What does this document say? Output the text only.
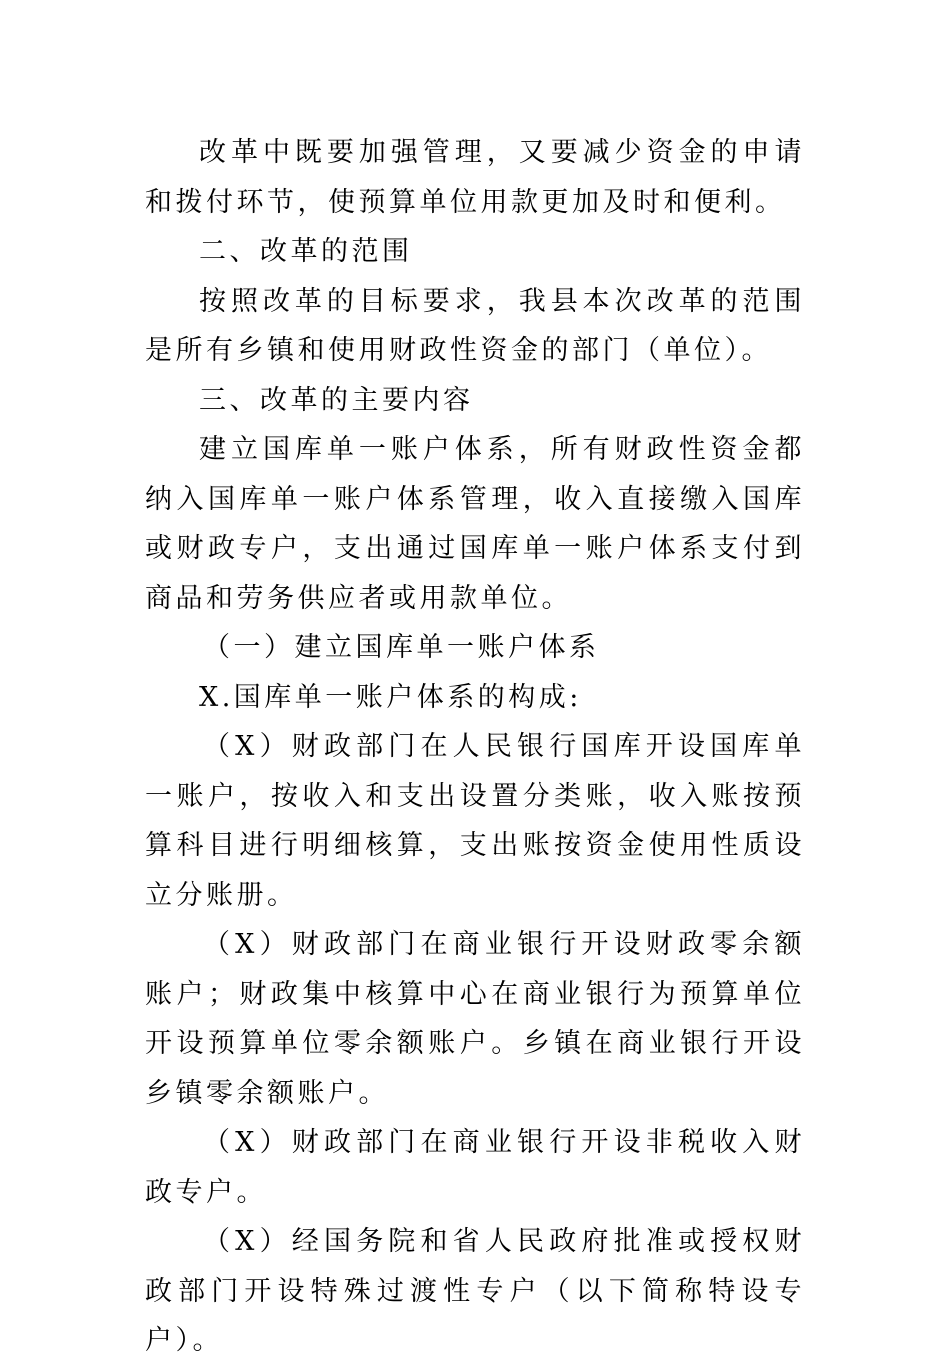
改革中既要加强管理，又要减少资金的申请和拨付环节，使预算单位用款更加及时和便利。

二、改革的范围

按照改革的目标要求，我县本次改革的范围是所有乡镇和使用财政性资金的部门（单位）。

三、改革的主要内容

建立国库单一账户体系，所有财政性资金都纳入国库单一账户体系管理，收入直接缴入国库或财政专户，支出通过国库单一账户体系支付到商品和劳务供应者或用款单位。

（一）建立国库单一账户体系

X.国库单一账户体系的构成:

（X）财政部门在人民银行国库开设国库单一账户，按收入和支出设置分类账，收入账按预算科目进行明细核算，支出账按资金使用性质设立分账册。

（X）财政部门在商业银行开设财政零余额账户；财政集中核算中心在商业银行为预算单位开设预算单位零余额账户。乡镇在商业银行开设乡镇零余额账户。

（X）财政部门在商业银行开设非税收入财政专户。

（X）经国务院和省人民政府批准或授权财政部门开设特殊过渡性专户（以下简称特设专户）。
